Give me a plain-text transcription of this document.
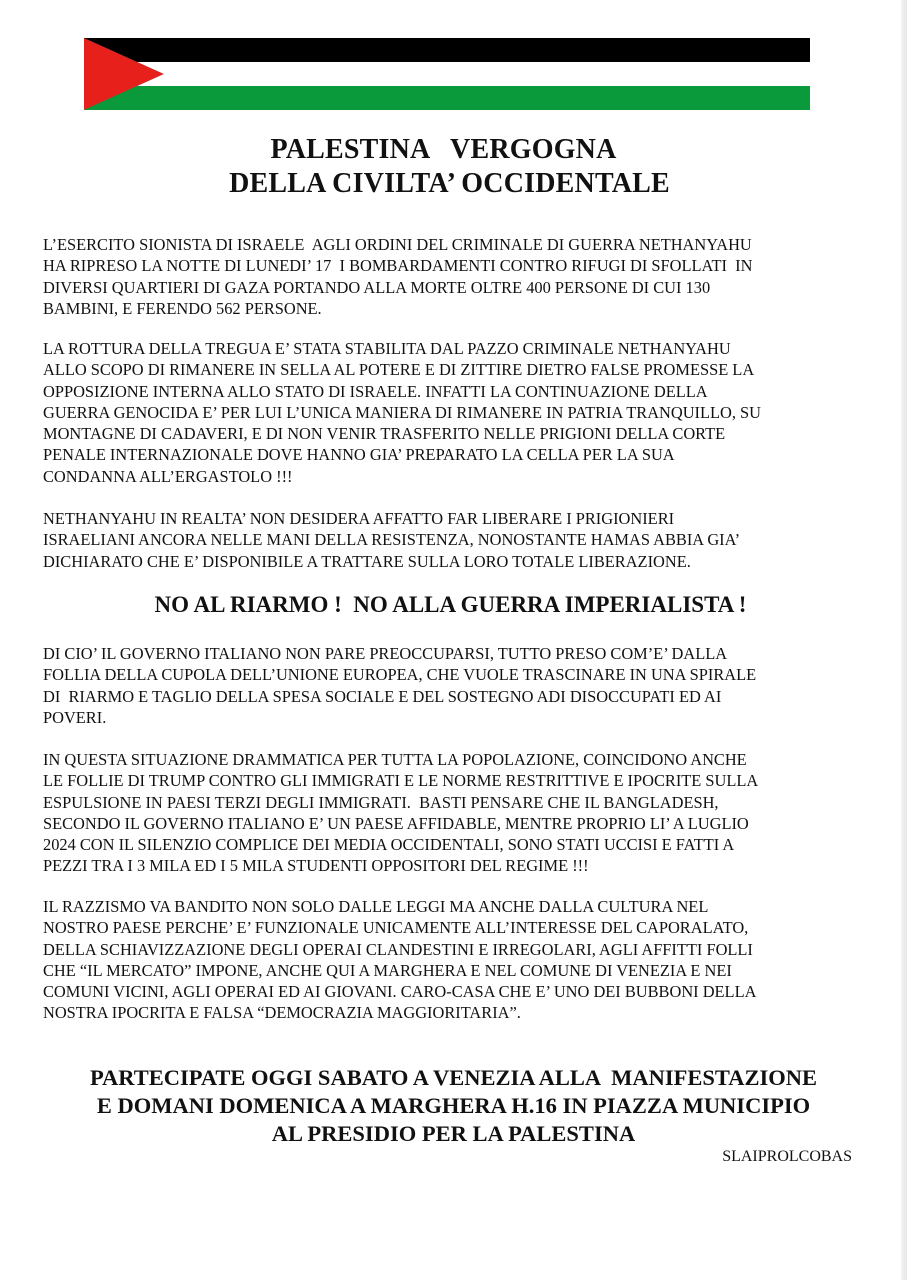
PALESTINA   VERGOGNA
DELLA CIVILTA’ OCCIDENTALE
L’ESERCITO SIONISTA DI ISRAELE  AGLI ORDINI DEL CRIMINALE DI GUERRA NETHANYAHU
HA RIPRESO LA NOTTE DI LUNEDI’ 17  I BOMBARDAMENTI CONTRO RIFUGI DI SFOLLATI  IN
DIVERSI QUARTIERI DI GAZA PORTANDO ALLA MORTE OLTRE 400 PERSONE DI CUI 130
BAMBINI, E FERENDO 562 PERSONE.
LA ROTTURA DELLA TREGUA E’ STATA STABILITA DAL PAZZO CRIMINALE NETHANYAHU
ALLO SCOPO DI RIMANERE IN SELLA AL POTERE E DI ZITTIRE DIETRO FALSE PROMESSE LA
OPPOSIZIONE INTERNA ALLO STATO DI ISRAELE. INFATTI LA CONTINUAZIONE DELLA
GUERRA GENOCIDA E’ PER LUI L’UNICA MANIERA DI RIMANERE IN PATRIA TRANQUILLO, SU
MONTAGNE DI CADAVERI, E DI NON VENIR TRASFERITO NELLE PRIGIONI DELLA CORTE
PENALE INTERNAZIONALE DOVE HANNO GIA’ PREPARATO LA CELLA PER LA SUA
CONDANNA ALL’ERGASTOLO !!!
NETHANYAHU IN REALTA’ NON DESIDERA AFFATTO FAR LIBERARE I PRIGIONIERI
ISRAELIANI ANCORA NELLE MANI DELLA RESISTENZA, NONOSTANTE HAMAS ABBIA GIA’
DICHIARATO CHE E’ DISPONIBILE A TRATTARE SULLA LORO TOTALE LIBERAZIONE.
NO AL RIARMO !  NO ALLA GUERRA IMPERIALISTA !
DI CIO’ IL GOVERNO ITALIANO NON PARE PREOCCUPARSI, TUTTO PRESO COM’E’ DALLA
FOLLIA DELLA CUPOLA DELL’UNIONE EUROPEA, CHE VUOLE TRASCINARE IN UNA SPIRALE
DI  RIARMO E TAGLIO DELLA SPESA SOCIALE E DEL SOSTEGNO ADI DISOCCUPATI ED AI
POVERI.
IN QUESTA SITUAZIONE DRAMMATICA PER TUTTA LA POPOLAZIONE, COINCIDONO ANCHE
LE FOLLIE DI TRUMP CONTRO GLI IMMIGRATI E LE NORME RESTRITTIVE E IPOCRITE SULLA
ESPULSIONE IN PAESI TERZI DEGLI IMMIGRATI.  BASTI PENSARE CHE IL BANGLADESH,
SECONDO IL GOVERNO ITALIANO E’ UN PAESE AFFIDABLE, MENTRE PROPRIO LI’ A LUGLIO
2024 CON IL SILENZIO COMPLICE DEI MEDIA OCCIDENTALI, SONO STATI UCCISI E FATTI A
PEZZI TRA I 3 MILA ED I 5 MILA STUDENTI OPPOSITORI DEL REGIME !!!
IL RAZZISMO VA BANDITO NON SOLO DALLE LEGGI MA ANCHE DALLA CULTURA NEL
NOSTRO PAESE PERCHE’ E’ FUNZIONALE UNICAMENTE ALL’INTERESSE DEL CAPORALATO,
DELLA SCHIAVIZZAZIONE DEGLI OPERAI CLANDESTINI E IRREGOLARI, AGLI AFFITTI FOLLI
CHE “IL MERCATO” IMPONE, ANCHE QUI A MARGHERA E NEL COMUNE DI VENEZIA E NEI
COMUNI VICINI, AGLI OPERAI ED AI GIOVANI. CARO-CASA CHE E’ UNO DEI BUBBONI DELLA
NOSTRA IPOCRITA E FALSA “DEMOCRAZIA MAGGIORITARIA”.
PARTECIPATE OGGI SABATO A VENEZIA ALLA  MANIFESTAZIONE
E DOMANI DOMENICA A MARGHERA H.16 IN PIAZZA MUNICIPIO
AL PRESIDIO PER LA PALESTINA

SLAIPROLCOBAS
